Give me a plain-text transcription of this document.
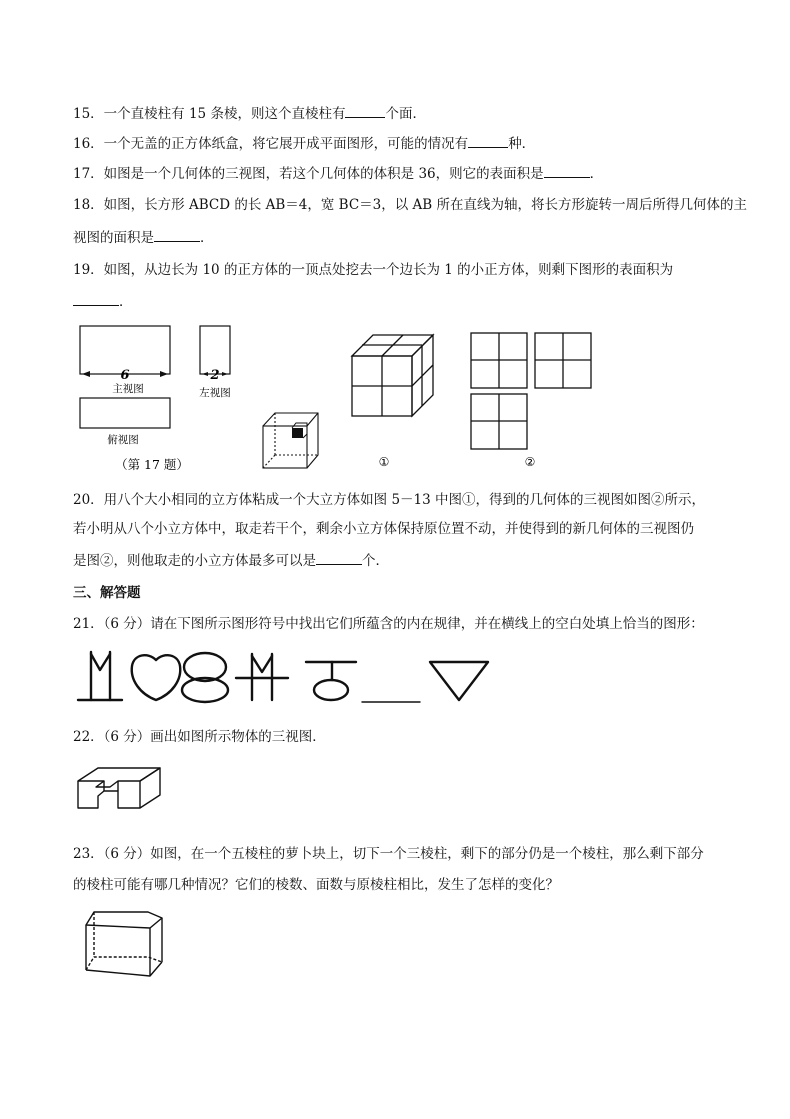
15．一个直棱柱有 15 条棱，则这个直棱柱有	个面．
16．一个无盖的正方体纸盒，将它展开成平面图形，可能的情况有	种．
17．如图是一个几何体的三视图，若这个几何体的体积是 36，则它的表面积是	．
18．如图，长方形 ABCD 的长 AB＝4，宽 BC＝3，以 AB 所在直线为轴，将长方形旋转一周后所得几何体的主
视图的面积是	．
19．如图，从边长为 10 的正方体的一顶点处挖去一个边长为 1 的小正方体，则剩下图形的表面积为
．
6
主视图
2
左视图
俯视图
（第 17 题）	①	②
20．用八个大小相同的立方体粘成一个大立方体如图 5－13 中图①，得到的几何体的三视图如图②所示，
若小明从八个小立方体中，取走若干个，剩余小立方体保持原位置不动，并使得到的新几何体的三视图仍
是图②，则他取走的小立方体最多可以是	个．
三、解答题
21．（6 分）请在下图所示图形符号中找出它们所蕴含的内在规律，并在横线上的空白处填上恰当的图形：
22．（6 分）画出如图所示物体的三视图．
23．（6 分）如图，在一个五棱柱的萝卜块上，切下一个三棱柱，剩下的部分仍是一个棱柱，那么剩下部分
的棱柱可能有哪几种情况？它们的棱数、面数与原棱柱相比，发生了怎样的变化？
